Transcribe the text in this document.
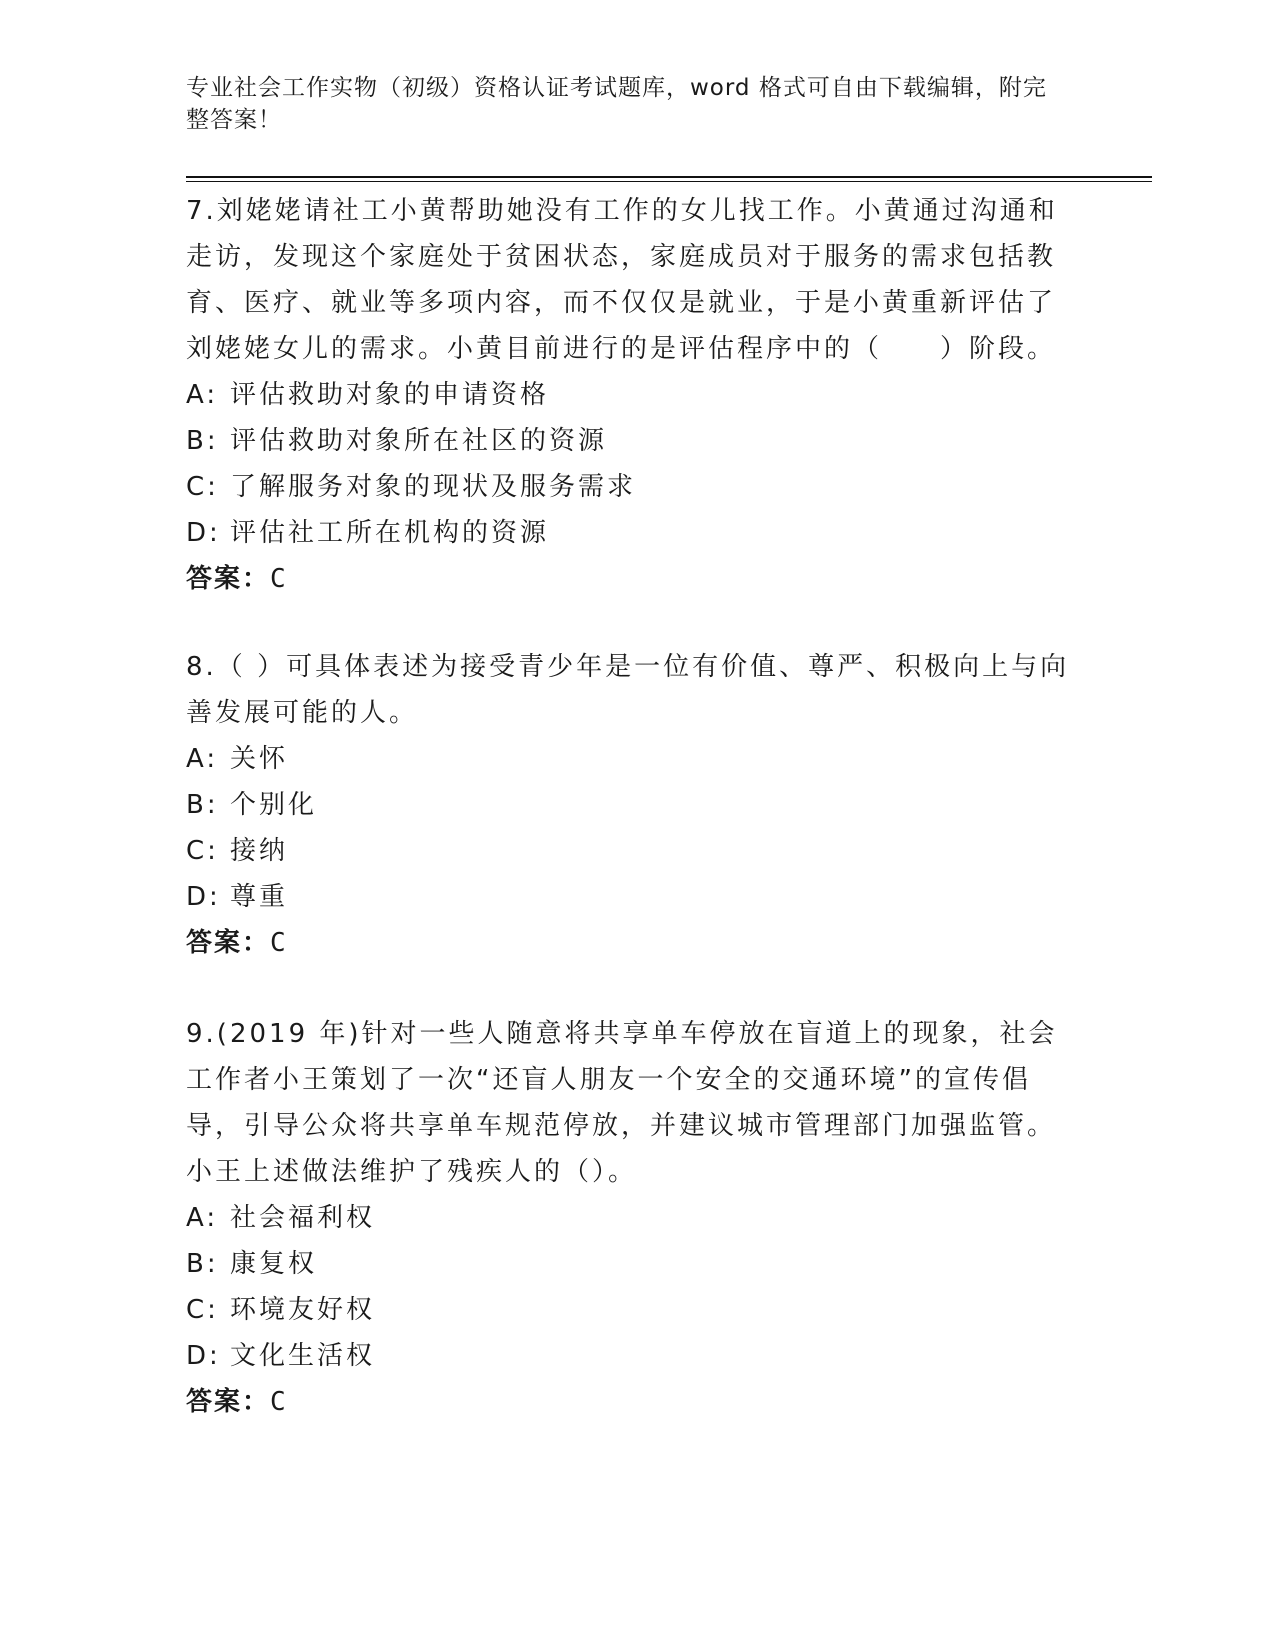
专业社会工作实物（初级）资格认证考试题库，word 格式可自由下载编辑，附完整答案！

7.刘姥姥请社工小黄帮助她没有工作的女儿找工作。小黄通过沟通和走访，发现这个家庭处于贫困状态，家庭成员对于服务的需求包括教育、医疗、就业等多项内容，而不仅仅是就业，于是小黄重新评估了刘姥姥女儿的需求。小黄目前进行的是评估程序中的（　　）阶段。

A: 评估救助对象的申请资格
B: 评估救助对象所在社区的资源
C: 了解服务对象的现状及服务需求
D: 评估社工所在机构的资源
答案：C

8.（ ）可具体表述为接受青少年是一位有价值、尊严、积极向上与向善发展可能的人。

A: 关怀
B: 个别化
C: 接纳
D: 尊重
答案：C

9.(2019 年)针对一些人随意将共享单车停放在盲道上的现象，社会工作者小王策划了一次“还盲人朋友一个安全的交通环境”的宣传倡导，引导公众将共享单车规范停放，并建议城市管理部门加强监管。小王上述做法维护了残疾人的（）。

A: 社会福利权
B: 康复权
C: 环境友好权
D: 文化生活权
答案：C
